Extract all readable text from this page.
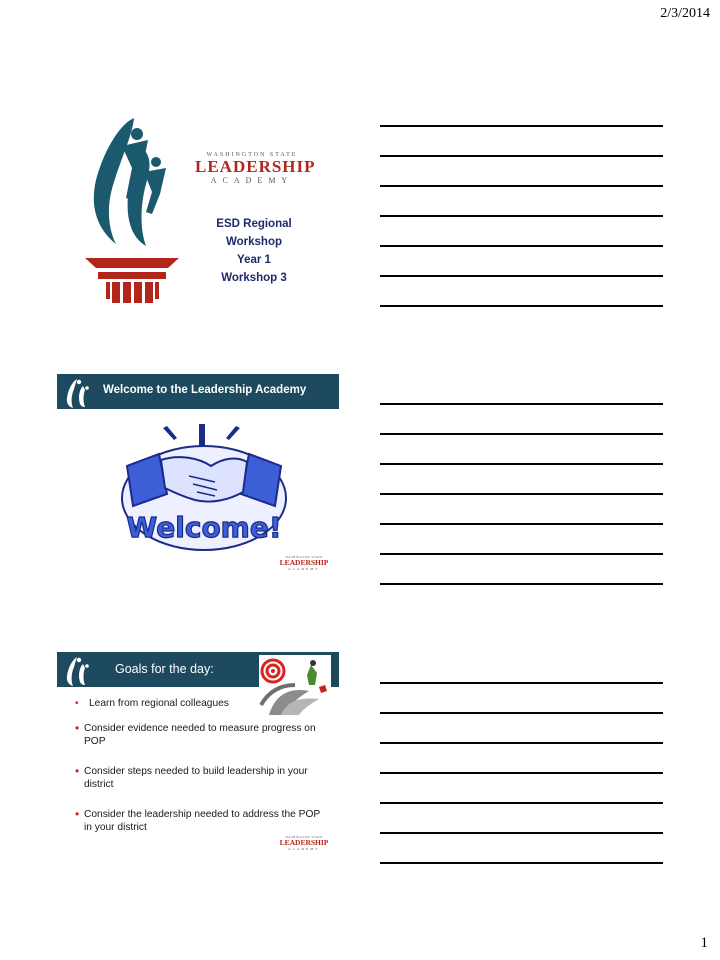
2/3/2014
WASHINGTON STATE
LEADERSHIP
ACADEMY
ESD Regional
Workshop
Year 1
Workshop 3
Welcome to the Leadership Academy
Welcome!
WASHINGTON STATE
LEADERSHIP
ACADEMY
Goals for the day:
• Learn from regional colleagues
• Consider evidence needed to measure progress on POP
• Consider steps needed to build leadership in your district
• Consider the leadership needed to address the POP in your district
WASHINGTON STATE
LEADERSHIP
ACADEMY
1
